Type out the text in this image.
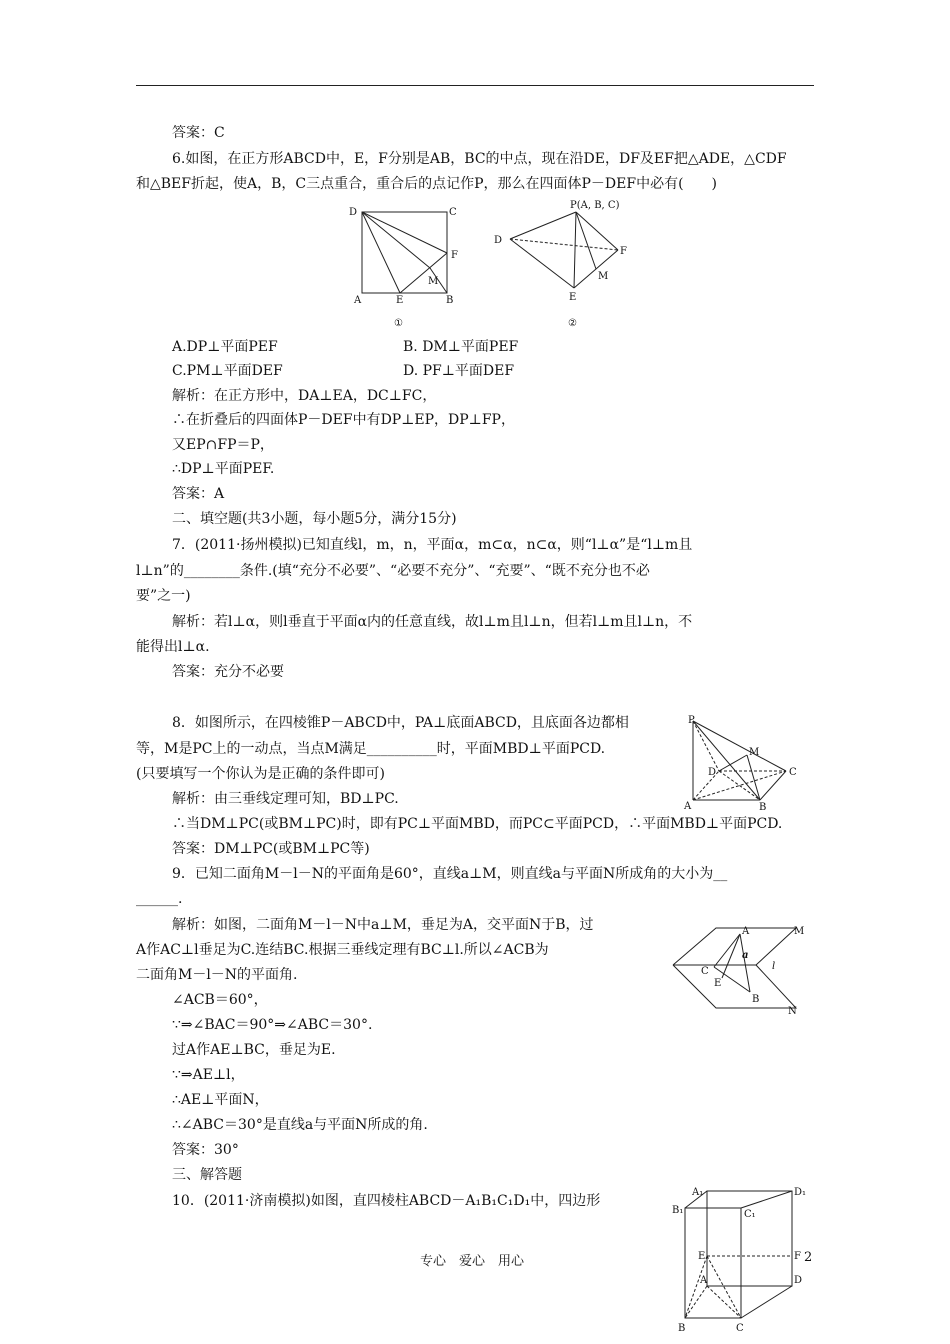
答案：C
6.如图，在正方形ABCD中，E，F分别是AB，BC的中点，现在沿DE，DF及EF把△ADE，△CDF
和△BEF折起，使A，B，C三点重合，重合后的点记作P，那么在四面体P－DEF中必有(　　)
D	C
F
M
A	E	B
①
P(A, B, C)
D
F
M
E
②
A.DP⊥平面PEF	B. DM⊥平面PEF
C.PM⊥平面DEF	D. PF⊥平面DEF
解析：在正方形中，DA⊥EA，DC⊥FC，
∴在折叠后的四面体P－DEF中有DP⊥EP，DP⊥FP，
又EP∩FP＝P，
∴DP⊥平面PEF.
答案：A
二、填空题(共3小题，每小题5分，满分15分)
7．(2011·扬州模拟)已知直线l，m，n，平面α，m⊂α，n⊂α，则“l⊥α”是“l⊥m且
l⊥n”的________条件.(填“充分不必要”、“必要不充分”、“充要”、“既不充分也不必
要”之一)
解析：若l⊥α，则l垂直于平面α内的任意直线，故l⊥m且l⊥n，但若l⊥m且l⊥n，不
能得出l⊥α.
答案：充分不必要
8．如图所示，在四棱锥P－ABCD中，PA⊥底面ABCD，且底面各边都相
等，M是PC上的一动点，当点M满足__________时，平面MBD⊥平面PCD.
(只要填写一个你认为是正确的条件即可)
P
M
D	C
A	B
解析：由三垂线定理可知，BD⊥PC.
∴当DM⊥PC(或BM⊥PC)时，即有PC⊥平面MBD，而PC⊂平面PCD，∴平面MBD⊥平面PCD.
答案：DM⊥PC(或BM⊥PC等)
9．已知二面角M－l－N的平面角是60°，直线a⊥M，则直线a与平面N所成角的大小为__
______.
解析：如图，二面角M－l－N中a⊥M，垂足为A，交平面N于B，过
A作AC⊥l垂足为C.连结BC.根据三垂线定理有BC⊥l.所以∠ACB为
二面角M－l－N的平面角.
A
a
M
C
E
l
B
N
∠ACB＝60°，
∵⇒∠BAC＝90°⇒∠ABC＝30°.
过A作AE⊥BC，垂足为E.
∵⇒AE⊥l，
∴AE⊥平面N，
∴∠ABC＝30°是直线a与平面N所成的角.
答案：30°
三、解答题
10．(2011·济南模拟)如图，直四棱柱ABCD－A₁B₁C₁D₁中，四边形
A₁	D₁
B₁	C₁
E	F
A	D
B	C
专心　爱心　用心	2
